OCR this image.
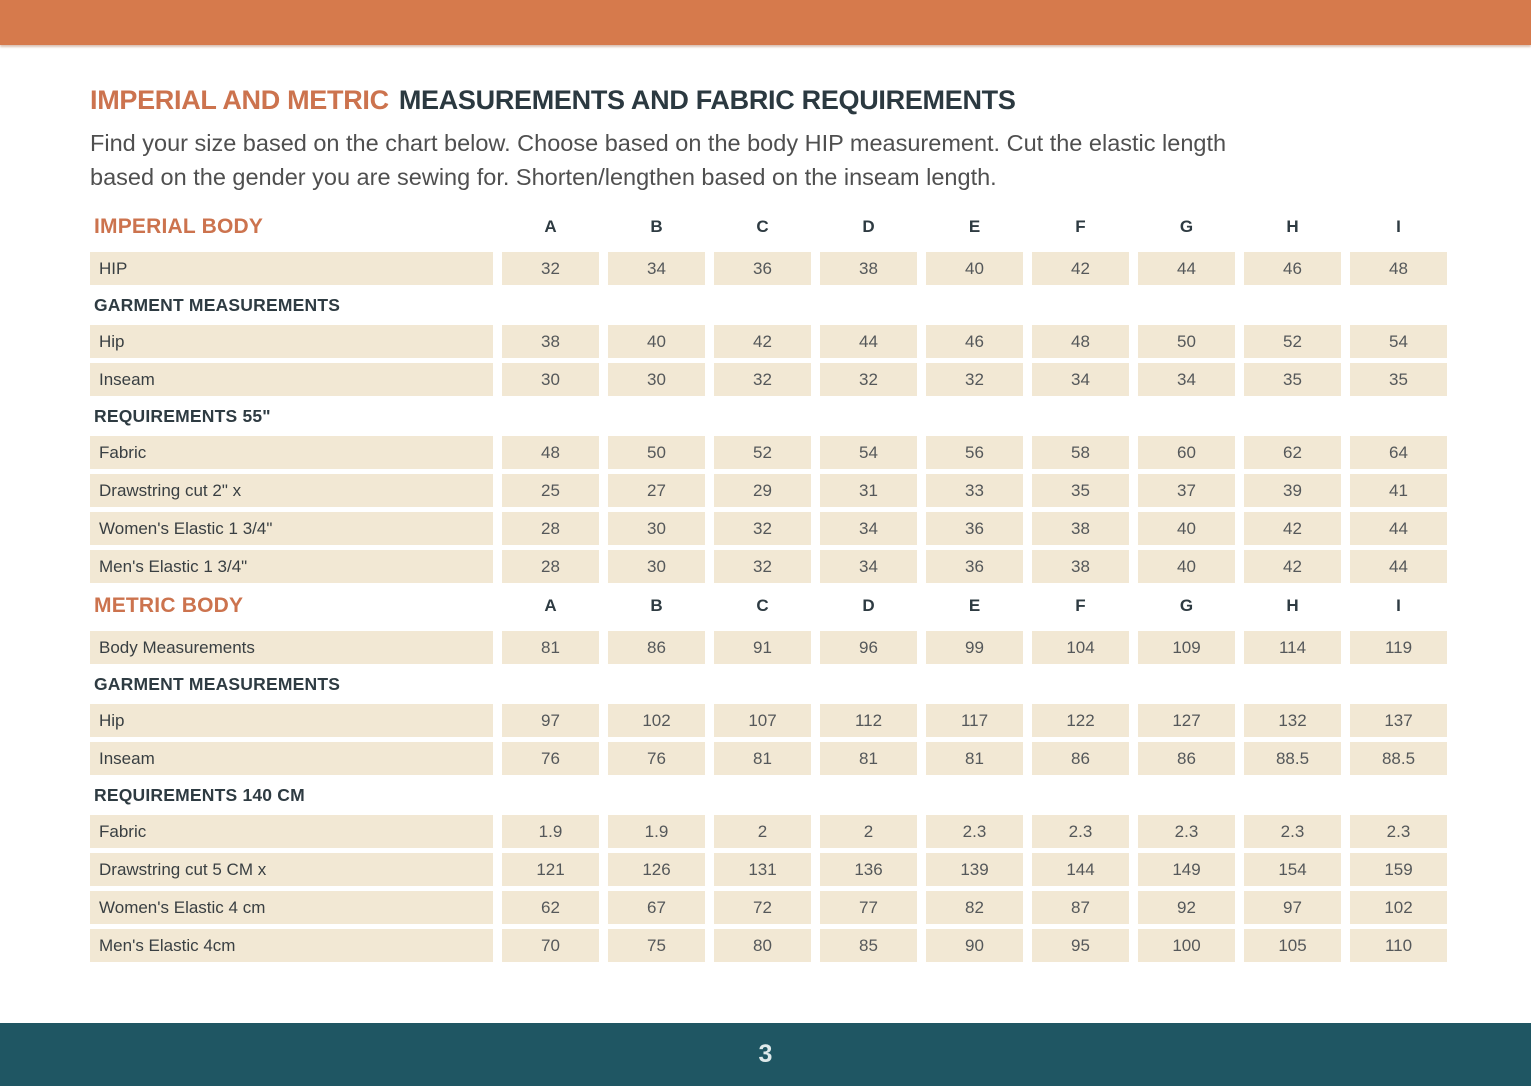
IMPERIAL AND METRIC MEASUREMENTS AND FABRIC REQUIREMENTS
Find your size based on the chart below. Choose based on the body HIP measurement. Cut the elastic length
based on the gender you are sewing for. Shorten/lengthen based on the inseam length.
IMPERIAL BODY	A	B	C	D	E	F	G	H	I
HIP	32	34	36	38	40	42	44	46	48
GARMENT MEASUREMENTS
Hip	38	40	42	44	46	48	50	52	54
Inseam	30	30	32	32	32	34	34	35	35
REQUIREMENTS 55"
Fabric	48	50	52	54	56	58	60	62	64
Drawstring cut 2" x	25	27	29	31	33	35	37	39	41
Women's Elastic 1 3/4"	28	30	32	34	36	38	40	42	44
Men's Elastic 1 3/4"	28	30	32	34	36	38	40	42	44
METRIC BODY	A	B	C	D	E	F	G	H	I
Body Measurements	81	86	91	96	99	104	109	114	119
GARMENT MEASUREMENTS
Hip	97	102	107	112	117	122	127	132	137
Inseam	76	76	81	81	81	86	86	88.5	88.5
REQUIREMENTS 140 CM
Fabric	1.9	1.9	2	2	2.3	2.3	2.3	2.3	2.3
Drawstring cut 5 CM x	121	126	131	136	139	144	149	154	159
Women's Elastic 4 cm	62	67	72	77	82	87	92	97	102
Men's Elastic 4cm	70	75	80	85	90	95	100	105	110
3
